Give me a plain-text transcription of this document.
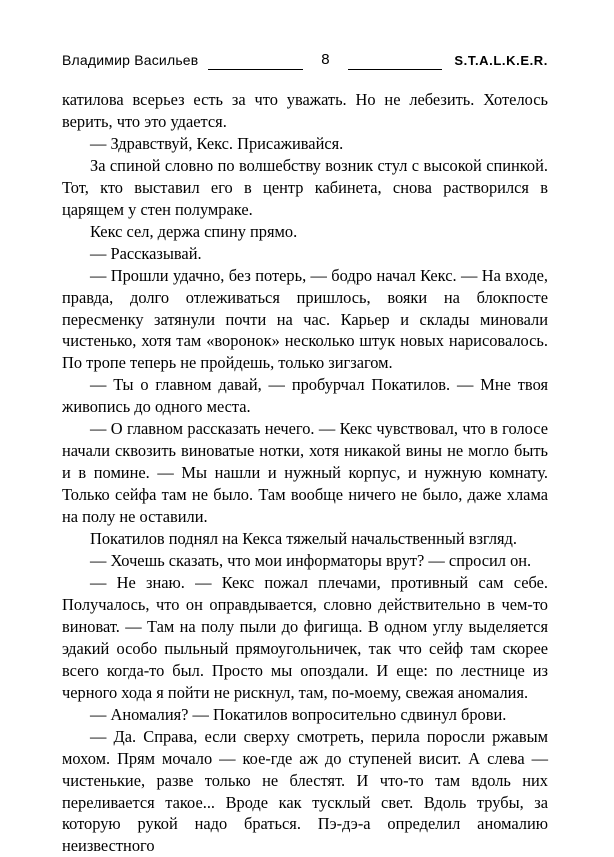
Владимир Васильев	8	S.T.A.L.K.E.R.

катилова всерьез есть за что уважать. Но не лебезить. Хотелось верить, что это удается.

— Здравствуй, Кекс. Присаживайся.

За спиной словно по волшебству возник стул с высокой спинкой. Тот, кто выставил его в центр кабинета, снова растворился в царящем у стен полумраке.

Кекс сел, держа спину прямо.

— Рассказывай.

— Прошли удачно, без потерь, — бодро начал Кекс. — На входе, правда, долго отлеживаться пришлось, вояки на блокпосте пересменку затянули почти на час. Карьер и склады миновали чистенько, хотя там «воронок» несколько штук новых нарисовалось. По тропе теперь не пройдешь, только зигзагом.

— Ты о главном давай, — пробурчал Покатилов. — Мне твоя живопись до одного места.

— О главном рассказать нечего. — Кекс чувствовал, что в голосе начали сквозить виноватые нотки, хотя никакой вины не могло быть и в помине. — Мы нашли и нужный корпус, и нужную комнату. Только сейфа там не было. Там вообще ничего не было, даже хлама на полу не оставили.

Покатилов поднял на Кекса тяжелый начальственный взгляд.

— Хочешь сказать, что мои информаторы врут? — спросил он.

— Не знаю. — Кекс пожал плечами, противный сам себе. Получалось, что он оправдывается, словно действительно в чем-то виноват. — Там на полу пыли до фигища. В одном углу выделяется эдакий особо пыльный прямоугольничек, так что сейф там скорее всего когда-то был. Просто мы опоздали. И еще: по лестнице из черного хода я пойти не рискнул, там, по-моему, свежая аномалия.

— Аномалия? — Покатилов вопросительно сдвинул брови.

— Да. Справа, если сверху смотреть, перила поросли ржавым мохом. Прям мочало — кое-где аж до ступеней висит. А слева — чистенькие, разве только не блестят. И что-то там вдоль них переливается такое... Вроде как тусклый свет. Вдоль трубы, за которую рукой надо браться. Пэ-дэ-а определил аномалию неизвестного
